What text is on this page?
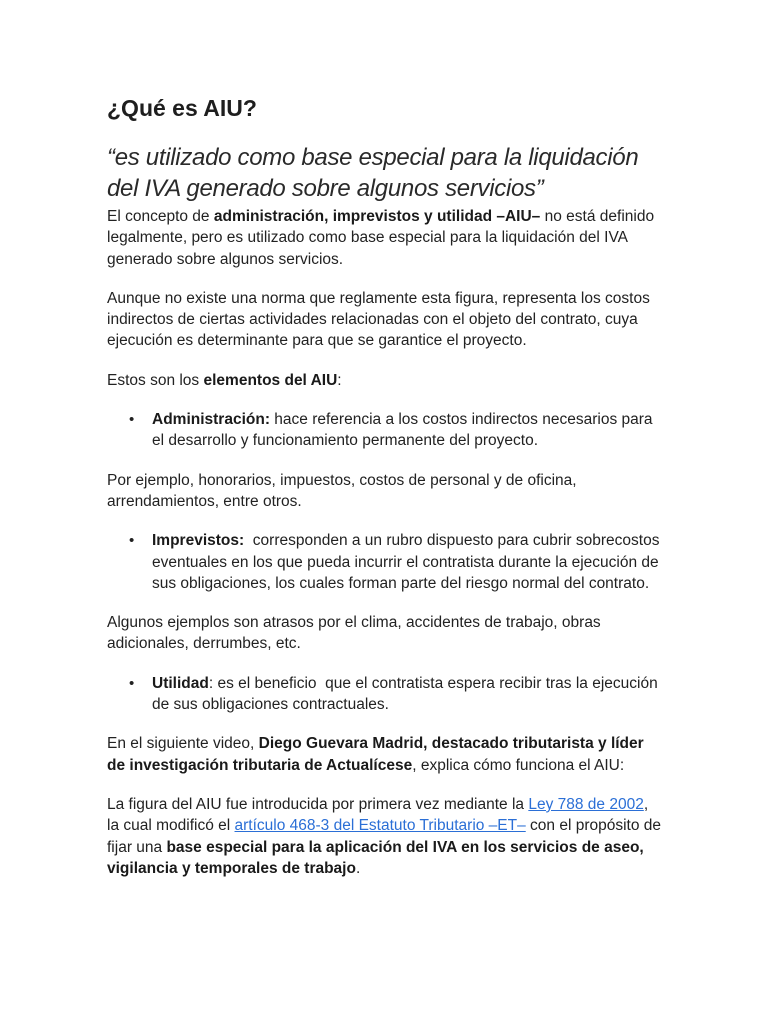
¿Qué es AIU?
“es utilizado como base especial para la liquidación del IVA generado sobre algunos servicios”

El concepto de administración, imprevistos y utilidad –AIU– no está definido legalmente, pero es utilizado como base especial para la liquidación del IVA generado sobre algunos servicios.

Aunque no existe una norma que reglamente esta figura, representa los costos indirectos de ciertas actividades relacionadas con el objeto del contrato, cuya ejecución es determinante para que se garantice el proyecto.

Estos son los elementos del AIU:

• Administración: hace referencia a los costos indirectos necesarios para el desarrollo y funcionamiento permanente del proyecto.

Por ejemplo, honorarios, impuestos, costos de personal y de oficina, arrendamientos, entre otros.

• Imprevistos:  corresponden a un rubro dispuesto para cubrir sobrecostos eventuales en los que pueda incurrir el contratista durante la ejecución de sus obligaciones, los cuales forman parte del riesgo normal del contrato.

Algunos ejemplos son atrasos por el clima, accidentes de trabajo, obras adicionales, derrumbes, etc.

• Utilidad: es el beneficio  que el contratista espera recibir tras la ejecución de sus obligaciones contractuales.

En el siguiente video, Diego Guevara Madrid, destacado tributarista y líder de investigación tributaria de Actualícese, explica cómo funciona el AIU:

La figura del AIU fue introducida por primera vez mediante la Ley 788 de 2002, la cual modificó el artículo 468-3 del Estatuto Tributario –ET– con el propósito de fijar una base especial para la aplicación del IVA en los servicios de aseo, vigilancia y temporales de trabajo.
